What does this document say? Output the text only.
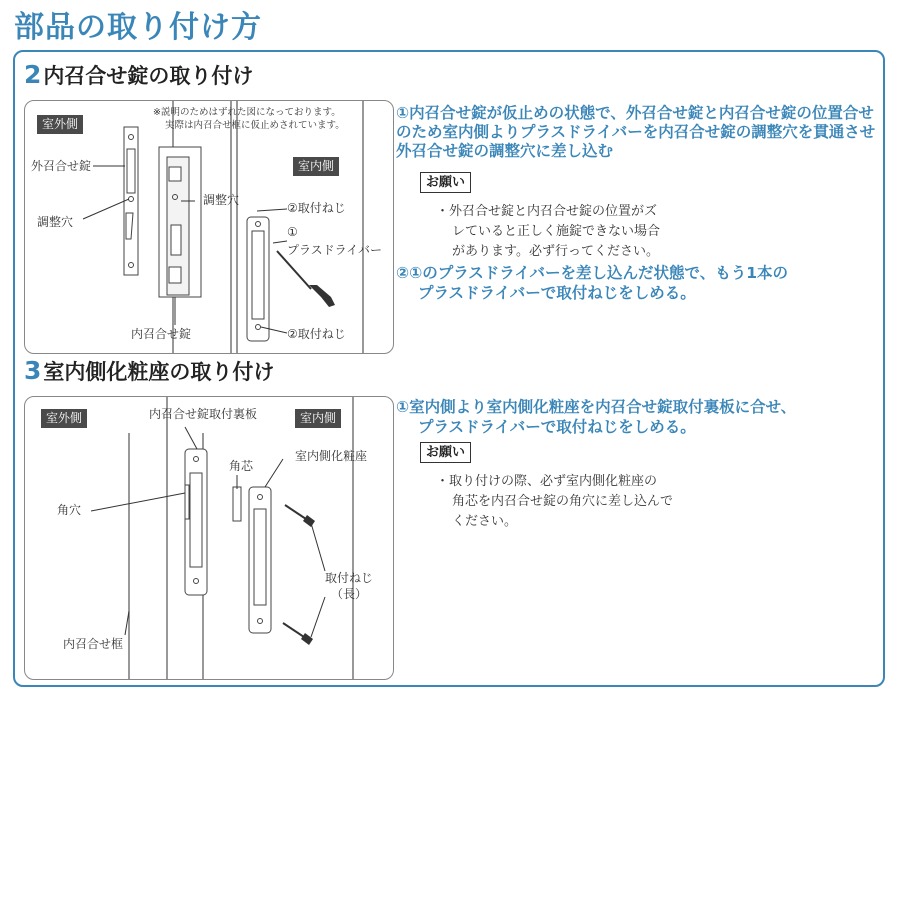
部品の取り付け方
2内召合せ錠の取り付け
室外側
室内側
※説明のためはずれた図になっております。
実際は内召合せ框に仮止めされています。
外召合せ錠
調整穴
調整穴
②取付ねじ
①
プラスドライバー
内召合せ錠	②取付ねじ
①内召合せ錠が仮止めの状態で、外召合せ錠と内召合せ錠の位置合せのため室内側よりプラスドライバーを内召合せ錠の調整穴を貫通させ外召合せ錠の調整穴に差し込む
お願い
・外召合せ錠と内召合せ錠の位置がズ
レていると正しく施錠できない場合
があります。必ず行ってください。
②①のプラスドライバーを差し込んだ状態で、もう1本の
プラスドライバーで取付ねじをしめる。
3室内側化粧座の取り付け
室外側	室内側
内召合せ錠取付裏板
角芯
室内側化粧座
角穴
取付ねじ
（長）
内召合せ框
①室内側より室内側化粧座を内召合せ錠取付裏板に合せ、
プラスドライバーで取付ねじをしめる。
お願い
・取り付けの際、必ず室内側化粧座の
角芯を内召合せ錠の角穴に差し込んで
ください。
